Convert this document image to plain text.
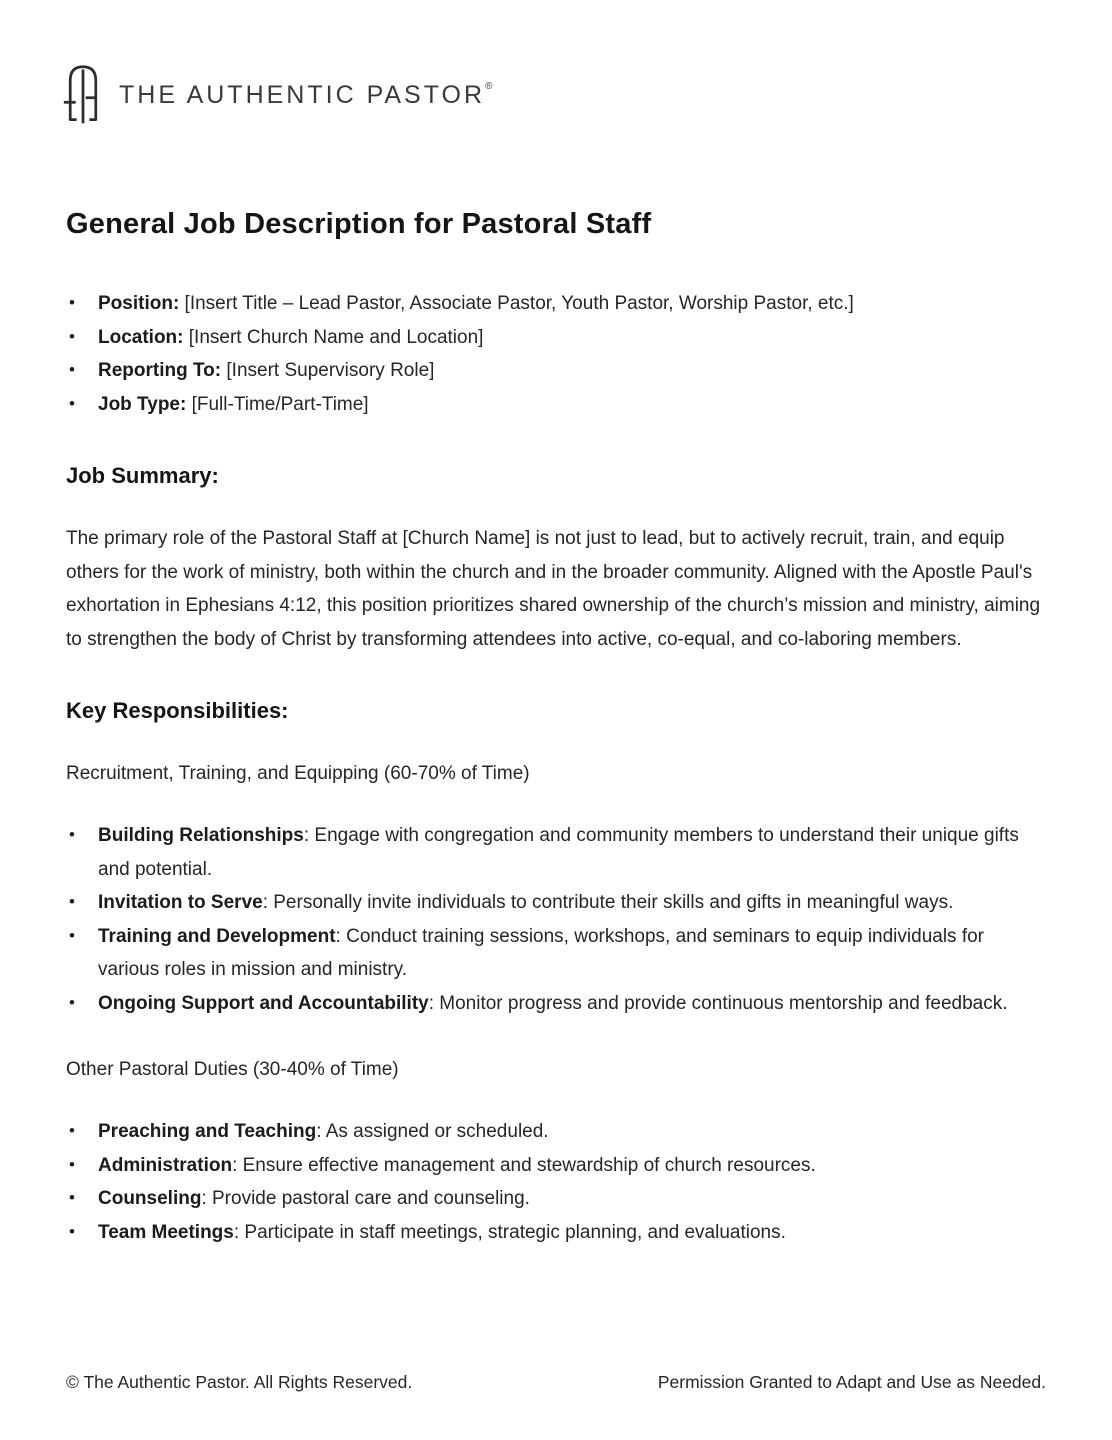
THE AUTHENTIC PASTOR®
General Job Description for Pastoral Staff
• Position: [Insert Title – Lead Pastor, Associate Pastor, Youth Pastor, Worship Pastor, etc.]
• Location: [Insert Church Name and Location]
• Reporting To: [Insert Supervisory Role]
• Job Type: [Full-Time/Part-Time]
Job Summary:

The primary role of the Pastoral Staff at [Church Name] is not just to lead, but to actively recruit, train, and equip others for the work of ministry, both within the church and in the broader community. Aligned with the Apostle Paul's exhortation in Ephesians 4:12, this position prioritizes shared ownership of the church’s mission and ministry, aiming to strengthen the body of Christ by transforming attendees into active, co-equal, and co-laboring members.

Key Responsibilities:

Recruitment, Training, and Equipping (60-70% of Time)

• Building Relationships: Engage with congregation and community members to understand their unique gifts and potential.
• Invitation to Serve: Personally invite individuals to contribute their skills and gifts in meaningful ways.
• Training and Development: Conduct training sessions, workshops, and seminars to equip individuals for various roles in mission and ministry.
• Ongoing Support and Accountability: Monitor progress and provide continuous mentorship and feedback.

Other Pastoral Duties (30-40% of Time)

• Preaching and Teaching: As assigned or scheduled.
• Administration: Ensure effective management and stewardship of church resources.
• Counseling: Provide pastoral care and counseling.
• Team Meetings: Participate in staff meetings, strategic planning, and evaluations.
© The Authentic Pastor. All Rights Reserved.	Permission Granted to Adapt and Use as Needed.
